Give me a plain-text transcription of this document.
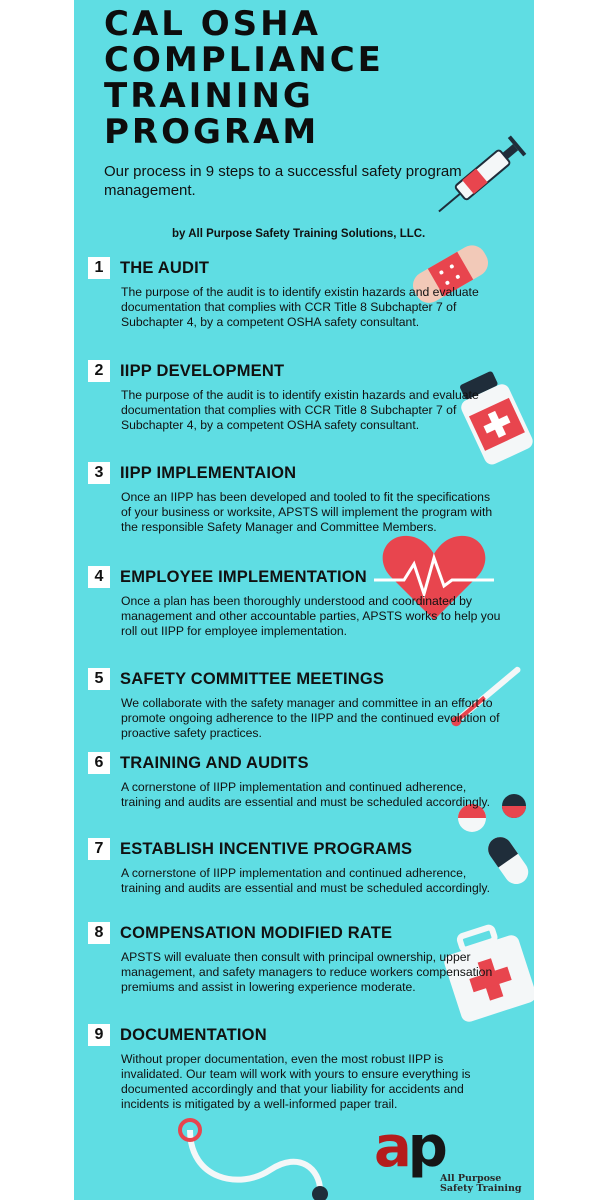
CAL OSHA
COMPLIANCE
TRAINING
PROGRAM
Our process in 9 steps to a successful safety program management.
by All Purpose Safety Training Solutions, LLC.
1	THE AUDIT
The purpose of the audit is to identify existin hazards and evaluate documentation that complies with CCR Title 8 Subchapter 7 of Subchapter 4, by a competent OSHA safety consultant.
2	IIPP DEVELOPMENT
The purpose of the audit is to identify existin hazards and evaluate documentation that complies with CCR Title 8 Subchapter 7 of Subchapter 4, by a competent OSHA safety consultant.
3	IIPP IMPLEMENTAION
Once an IIPP has been developed and tooled to fit the specifications of your business or worksite, APSTS will implement the program with the responsible Safety Manager and Committee Members.
4	EMPLOYEE IMPLEMENTATION
Once a plan has been thoroughly understood and coordinated by management and other accountable parties, APSTS works to help you roll out IIPP for employee implementation.
5	SAFETY COMMITTEE MEETINGS
We collaborate with the safety manager and committee in an effort to promote ongoing adherence to the IIPP and the continued evolution of proactive safety practices.
6	TRAINING AND AUDITS
A cornerstone of IIPP implementation and continued adherence, training and audits are essential and must be scheduled accordingly.
7	ESTABLISH INCENTIVE PROGRAMS
A cornerstone of IIPP implementation and continued adherence, training and audits are essential and must be scheduled accordingly.
8	COMPENSATION MODIFIED RATE
APSTS will evaluate then consult with principal ownership, upper management, and safety managers to reduce workers compensation premiums and assist in lowering experience moderate.
9	DOCUMENTATION
Without proper documentation, even the most robust IIPP is invalidated. Our team will work with yours to ensure everything is documented accordingly and that your liability for accidents and incidents is mitigated by a well-informed paper trail.
ap
All Purpose
Safety Training
